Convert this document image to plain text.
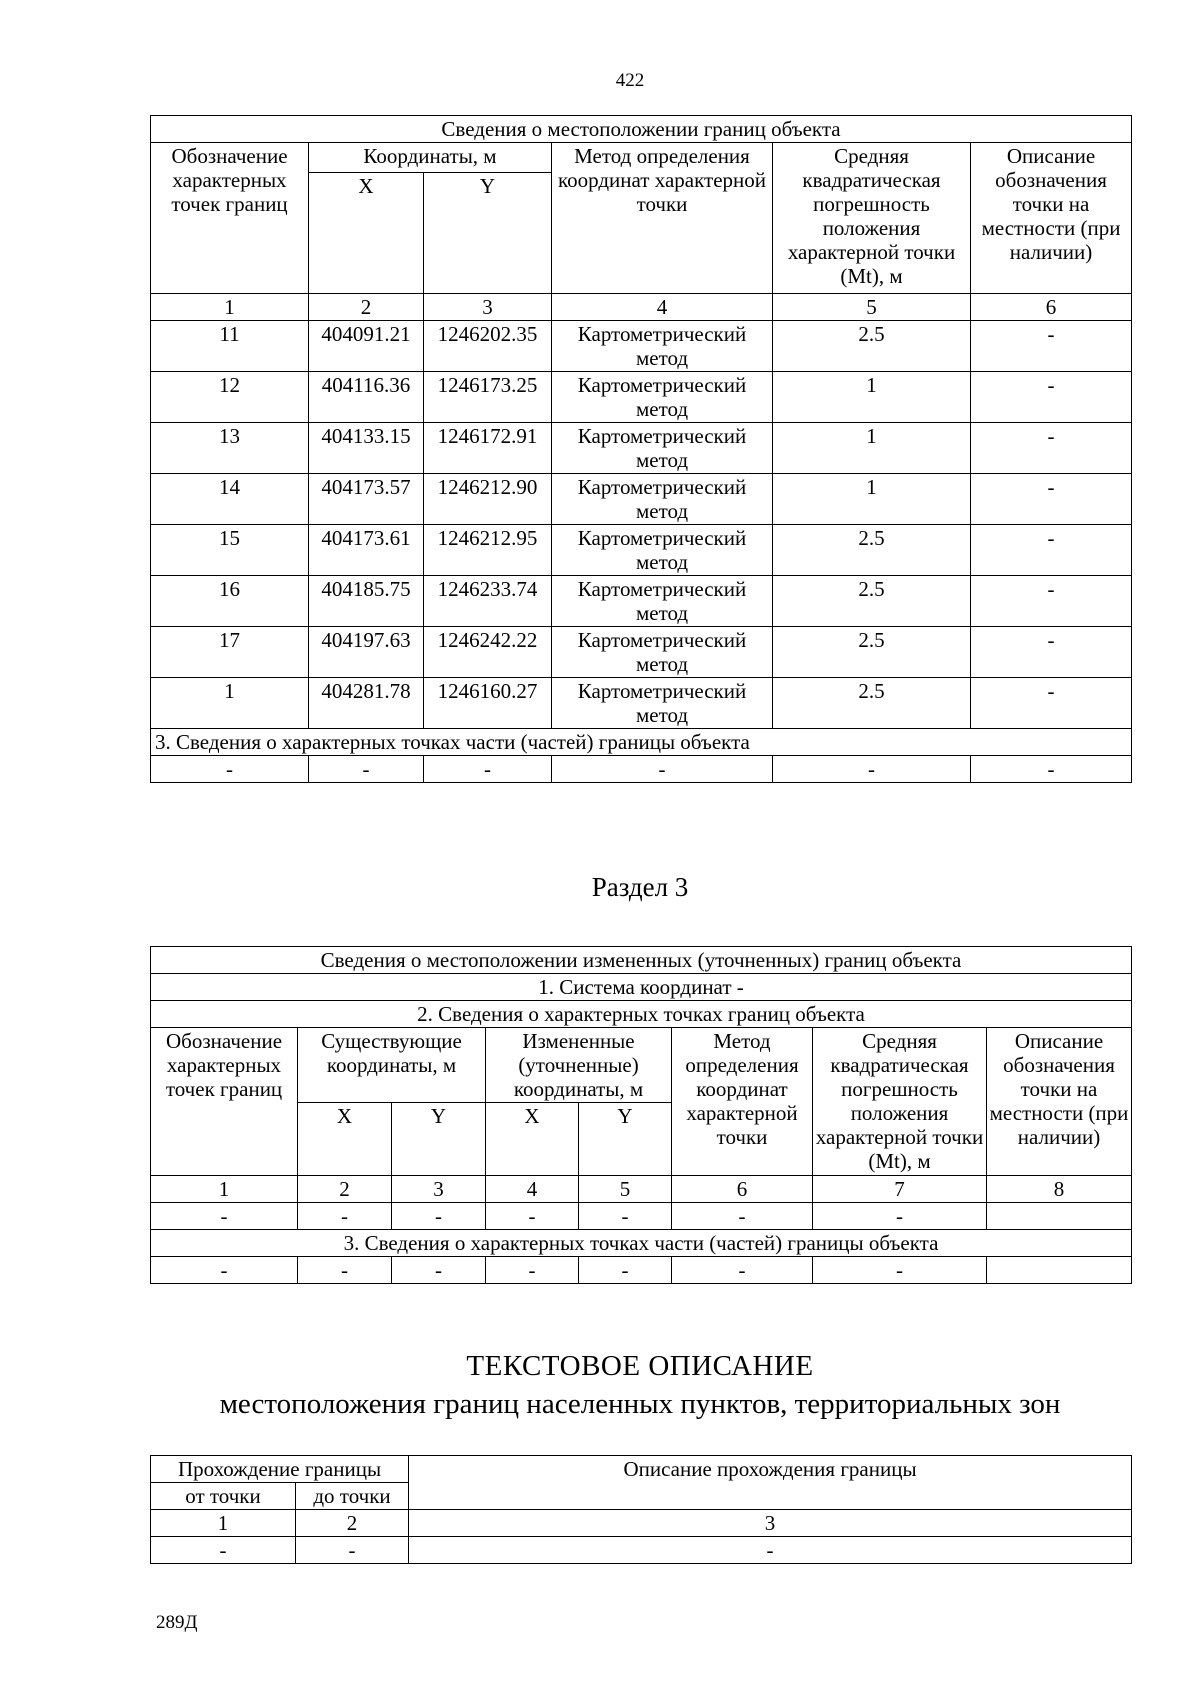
422
Сведения о местоположении границ объекта					
Обозначение характерных точек границ	Координаты, м		Метод определения координат характерной точки	Средняя квадратическая погрешность положения характерной точки (Mt), м	Описание обозначения точки на местности (при наличии)
	X	Y			
1	2	3	4	5	6
11	404091.21	1246202.35	Картометрический метод	2.5	-
12	404116.36	1246173.25	Картометрический метод	1	-
13	404133.15	1246172.91	Картометрический метод	1	-
14	404173.57	1246212.90	Картометрический метод	1	-
15	404173.61	1246212.95	Картометрический метод	2.5	-
16	404185.75	1246233.74	Картометрический метод	2.5	-
17	404197.63	1246242.22	Картометрический метод	2.5	-
1	404281.78	1246160.27	Картометрический метод	2.5	-
3. Сведения о характерных точках части (частей) границы объекта					
-	-	-	-	-	-
Раздел 3
Сведения о местоположении измененных (уточненных) границ объекта							
1. Система координат -							
2. Сведения о характерных точках границ объекта							
Обозначение характерных точек границ	Существующие координаты, м		Измененные (уточненные) координаты, м		Метод определения координат характерной точки	Средняя квадратическая погрешность положения характерной точки (Mt), м	Описание обозначения точки на местности (при наличии)
	X	Y	X	Y			
1	2	3	4	5	6	7	8
-	-	-	-	-	-	-	
3. Сведения о характерных точках части (частей) границы объекта							
-	-	-	-	-	-	-	
ТЕКСТОВОЕ ОПИСАНИЕ
местоположения границ населенных пунктов, территориальных зон
Прохождение границы		Описание прохождения границы
от точки	до точки	
1	2	3
-	-	-
289Д
